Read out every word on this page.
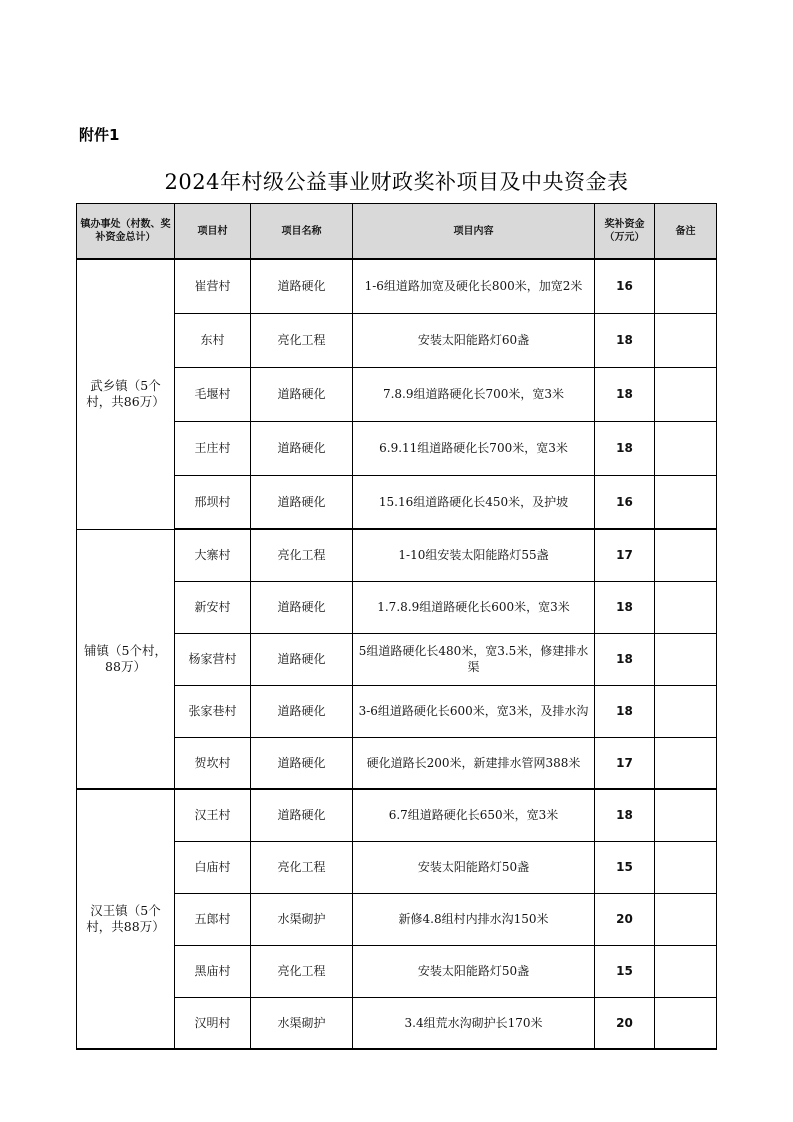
附件1
2024年村级公益事业财政奖补项目及中央资金表
镇办事处（村数、奖补资金总计）	项目村	项目名称	项目内容	奖补资金（万元）	备注
武乡镇（5个村，共86万）	崔营村	道路硬化	1-6组道路加宽及硬化长800米，加宽2米	16	
	东村	亮化工程	安装太阳能路灯60盏	18	
	毛堰村	道路硬化	7.8.9组道路硬化长700米，宽3米	18	
	王庄村	道路硬化	6.9.11组道路硬化长700米，宽3米	18	
	邢坝村	道路硬化	15.16组道路硬化长450米，及护坡	16	
铺镇（5个村，88万）	大寨村	亮化工程	1-10组安装太阳能路灯55盏	17	
	新安村	道路硬化	1.7.8.9组道路硬化长600米，宽3米	18	
	杨家营村	道路硬化	5组道路硬化长480米，宽3.5米，修建排水渠	18	
	张家巷村	道路硬化	3-6组道路硬化长600米，宽3米，及排水沟	18	
	贺坎村	道路硬化	硬化道路长200米，新建排水管网388米	17	
汉王镇（5个村，共88万）	汉王村	道路硬化	6.7组道路硬化长650米，宽3米	18	
	白庙村	亮化工程	安装太阳能路灯50盏	15	
	五郎村	水渠砌护	新修4.8组村内排水沟150米	20	
	黑庙村	亮化工程	安装太阳能路灯50盏	15	
	汉明村	水渠砌护	3.4组荒水沟砌护长170米	20	
